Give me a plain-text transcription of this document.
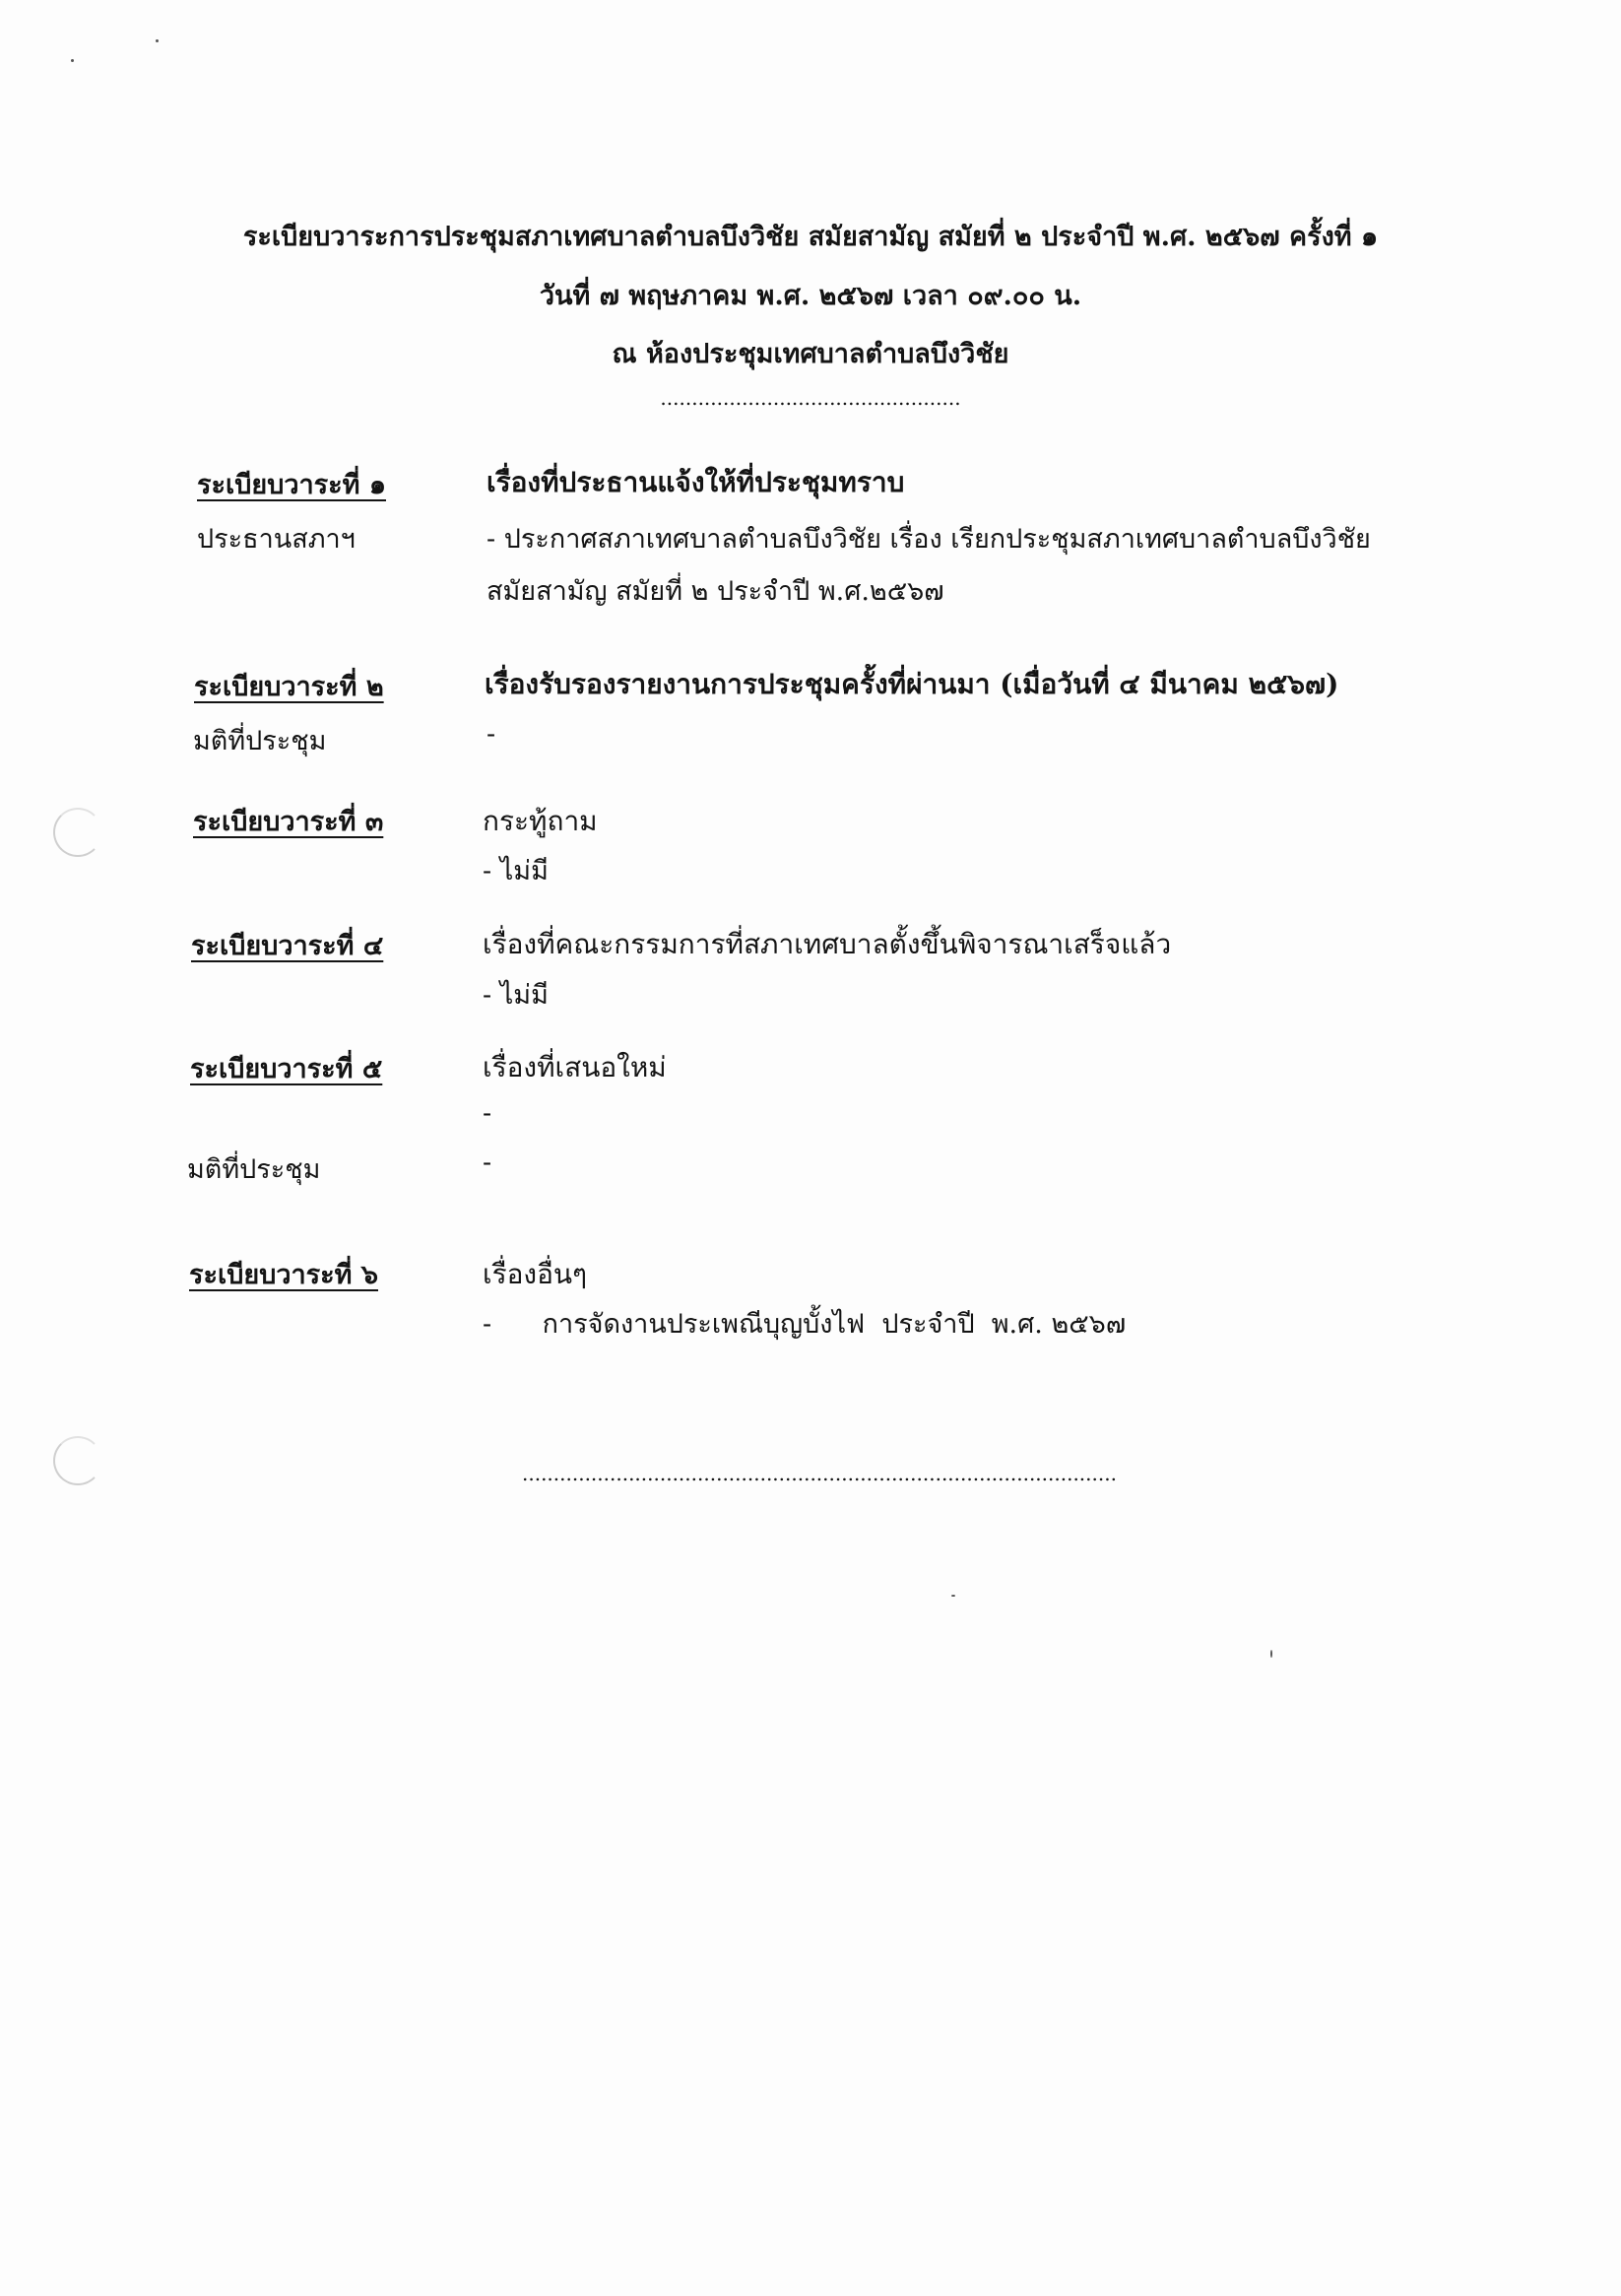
ระเบียบวาระการประชุมสภาเทศบาลตำบลบึงวิชัย สมัยสามัญ สมัยที่ ๒ ประจำปี พ.ศ. ๒๕๖๗ ครั้งที่ ๑
วันที่ ๗ พฤษภาคม พ.ศ. ๒๕๖๗ เวลา ๐๙.๐๐ น.
ณ ห้องประชุมเทศบาลตำบลบึงวิชัย
................................................
ระเบียบวาระที่ ๑	เรื่องที่ประธานแจ้งให้ที่ประชุมทราบ
ประธานสภาฯ	- ประกาศสภาเทศบาลตำบลบึงวิชัย เรื่อง เรียกประชุมสภาเทศบาลตำบลบึงวิชัย
สมัยสามัญ สมัยที่ ๒ ประจำปี พ.ศ.๒๕๖๗
ระเบียบวาระที่ ๒	เรื่องรับรองรายงานการประชุมครั้งที่ผ่านมา (เมื่อวันที่ ๔ มีนาคม ๒๕๖๗)
มติที่ประชุม	-
ระเบียบวาระที่ ๓	กระทู้ถาม
- ไม่มี
ระเบียบวาระที่ ๔	เรื่องที่คณะกรรมการที่สภาเทศบาลตั้งขึ้นพิจารณาเสร็จแล้ว
- ไม่มี
ระเบียบวาระที่ ๕	เรื่องที่เสนอใหม่
-
มติที่ประชุม	-
ระเบียบวาระที่ ๖	เรื่องอื่นๆ
-      การจัดงานประเพณีบุญบั้งไฟ  ประจำปี  พ.ศ. ๒๕๖๗
...............................................................................................
